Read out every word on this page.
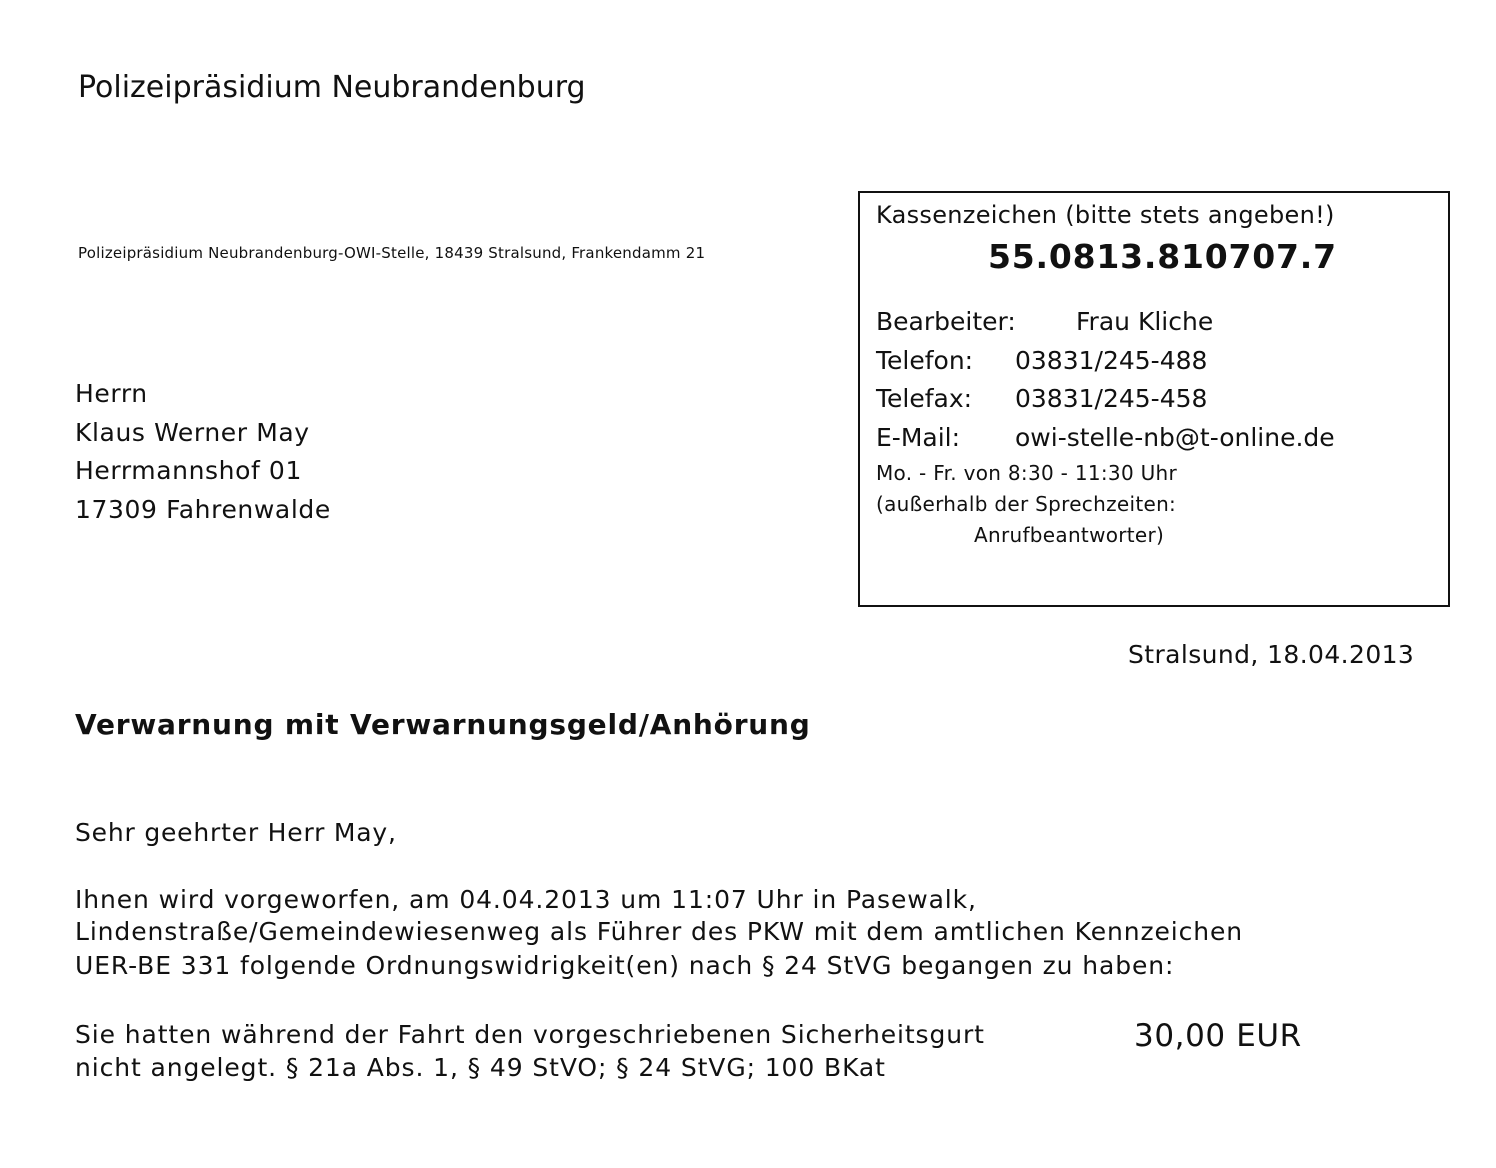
Polizeipräsidium Neubrandenburg
Polizeipräsidium Neubrandenburg-OWI-Stelle, 18439 Stralsund, Frankendamm 21
Herrn
Klaus Werner May
Herrmannshof 01
17309 Fahrenwalde
Kassenzeichen (bitte stets angeben!)
55.0813.810707.7
Bearbeiter: Frau Kliche
Telefon: 03831/245-488
Telefax: 03831/245-458
E-Mail: owi-stelle-nb@t-online.de
Mo. - Fr. von 8:30 - 11:30 Uhr
(außerhalb der Sprechzeiten:
Anrufbeantworter)
Stralsund, 18.04.2013
Verwarnung mit Verwarnungsgeld/Anhörung
Sehr geehrter Herr May,
Ihnen wird vorgeworfen, am 04.04.2013 um 11:07 Uhr in Pasewalk,
Lindenstraße/Gemeindewiesenweg als Führer des PKW mit dem amtlichen Kennzeichen
UER-BE 331 folgende Ordnungswidrigkeit(en) nach § 24 StVG begangen zu haben:
Sie hatten während der Fahrt den vorgeschriebenen Sicherheitsgurt
nicht angelegt. § 21a Abs. 1, § 49 StVO; § 24 StVG; 100 BKat
30,00 EUR
